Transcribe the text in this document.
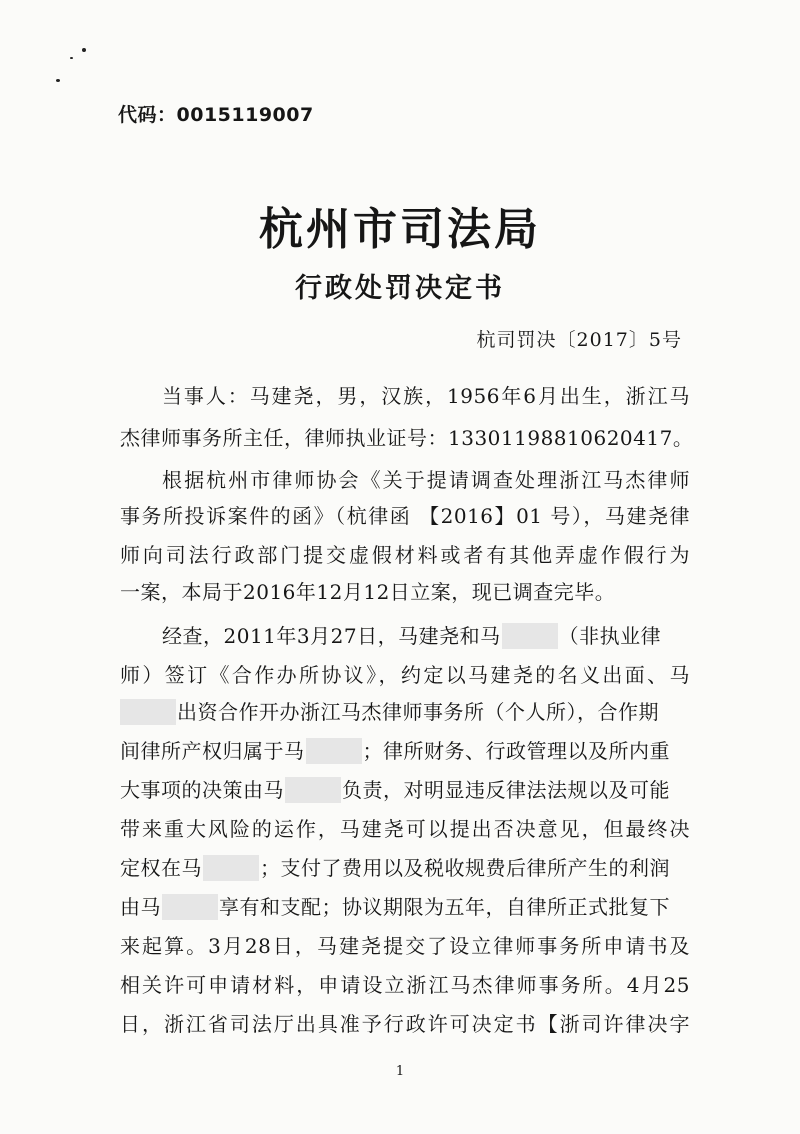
代码：0015119007
杭州市司法局
行政处罚决定书
杭司罚决〔2017〕5号
当事人：马建尧，男，汉族，1956年6月出生，浙江马
杰律师事务所主任，律师执业证号：13301198810620417。
根据杭州市律师协会《关于提请调查处理浙江马杰律师
事务所投诉案件的函》（杭律函 【2016】01 号），马建尧律
师向司法行政部门提交虚假材料或者有其他弄虚作假行为
一案，本局于2016年12月12日立案，现已调查完毕。
经查，2011年3月27日，马建尧和马	（非执业律
师）签订《合作办所协议》，约定以马建尧的名义出面、马
出资合作开办浙江马杰律师事务所（个人所），合作期
间律所产权归属于马	；律所财务、行政管理以及所内重
大事项的决策由马	负责，对明显违反律法法规以及可能
带来重大风险的运作，马建尧可以提出否决意见，但最终决
定权在马	；支付了费用以及税收规费后律所产生的利润
由马	享有和支配；协议期限为五年，自律所正式批复下
来起算。3月28日，马建尧提交了设立律师事务所申请书及
相关许可申请材料，申请设立浙江马杰律师事务所。4月25
日，浙江省司法厅出具准予行政许可决定书【浙司许律决字
1
